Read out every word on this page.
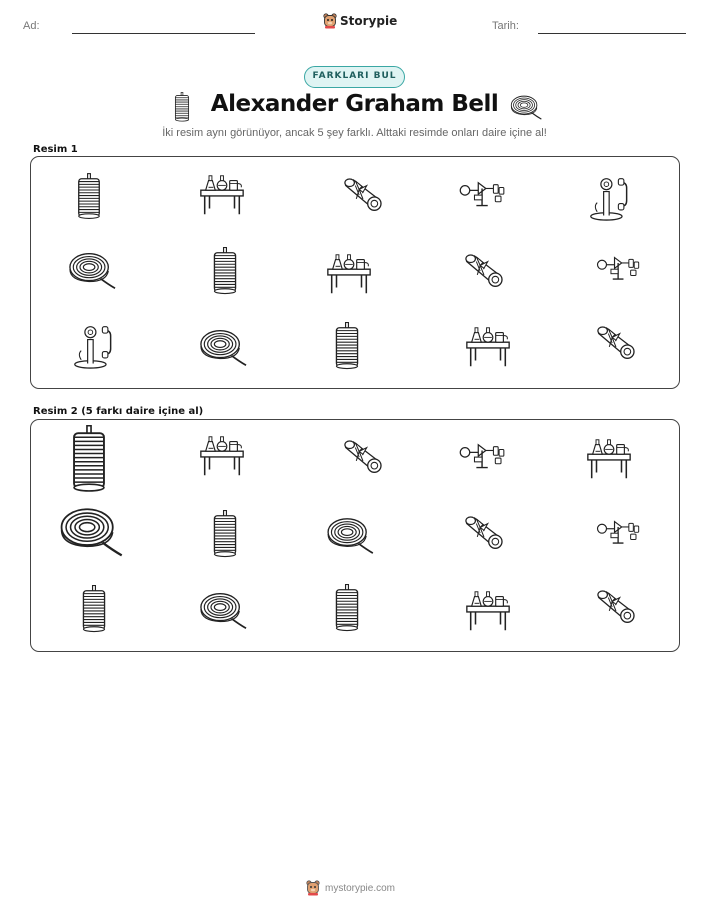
Ad:	Tarih:
Storypie
FARKLARI BUL
Alexander Graham Bell
İki resim aynı görünüyor, ancak 5 şey farklı. Alttaki resimde onları daire içine al!
Resim 1
Resim 2 (5 farkı daire içine al)
mystorypie.com
